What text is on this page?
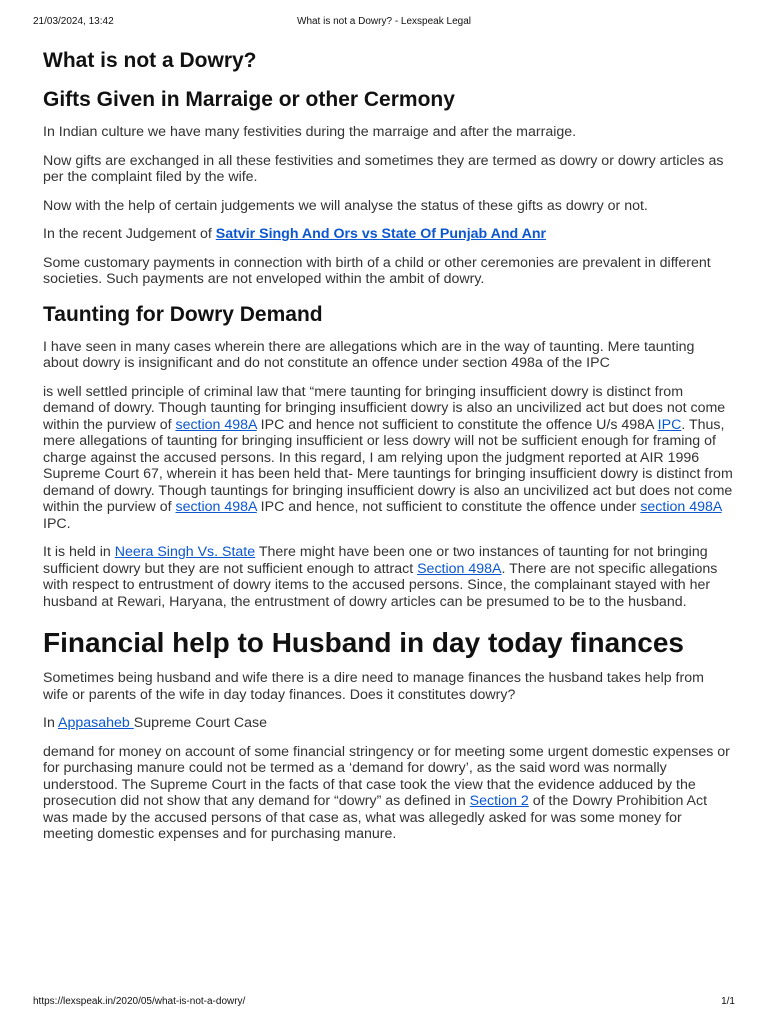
21/03/2024, 13:42	What is not a Dowry? - Lexspeak Legal
What is not a Dowry?
Gifts Given in Marraige or other Cermony

In Indian culture we have many festivities during the marraige and after the marraige.

Now gifts are exchanged in all these festivities and sometimes they are termed as dowry or dowry articles as per the complaint filed by the wife.

Now with the help of certain judgements we will analyse the status of these gifts as dowry or not.

In the recent Judgement of Satvir Singh And Ors vs State Of Punjab And Anr

Some customary payments in connection with birth of a child or other ceremonies are prevalent in different societies. Such payments are not enveloped within the ambit of dowry.

Taunting for Dowry Demand

I have seen in many cases wherein there are allegations which are in the way of taunting. Mere taunting about dowry is insignificant and do not constitute an offence under section 498a of the IPC

is well settled principle of criminal law that “mere taunting for bringing insufficient dowry is distinct from demand of dowry. Though taunting for bringing insufficient dowry is also an uncivilized act but does not come within the purview of section 498A IPC and hence not sufficient to constitute the offence U/s 498A IPC. Thus, mere allegations of taunting for bringing insufficient or less dowry will not be sufficient enough for framing of charge against the accused persons. In this regard, I am relying upon the judgment reported at AIR 1996 Supreme Court 67, wherein it has been held that- Mere tauntings for bringing insufficient dowry is distinct from demand of dowry. Though tauntings for bringing insufficient dowry is also an uncivilized act but does not come within the purview of section 498A IPC and hence, not sufficient to constitute the offence under section 498A IPC.

It is held in Neera Singh Vs. State There might have been one or two instances of taunting for not bringing sufficient dowry but they are not sufficient enough to attract Section 498A. There are not specific allegations with respect to entrustment of dowry items to the accused persons. Since, the complainant stayed with her husband at Rewari, Haryana, the entrustment of dowry articles can be presumed to be to the husband.

Financial help to Husband in day today finances

Sometimes being husband and wife there is a dire need to manage finances the husband takes help from wife or parents of the wife in day today finances. Does it constitutes dowry?

In Appasaheb Supreme Court Case

demand for money on account of some financial stringency or for meeting some urgent domestic expenses or for purchasing manure could not be termed as a ‘demand for dowry’, as the said word was normally understood. The Supreme Court in the facts of that case took the view that the evidence adduced by the prosecution did not show that any demand for “dowry” as defined in Section 2 of the Dowry Prohibition Act was made by the accused persons of that case as, what was allegedly asked for was some money for meeting domestic expenses and for purchasing manure.

https://lexspeak.in/2020/05/what-is-not-a-dowry/	1/1
